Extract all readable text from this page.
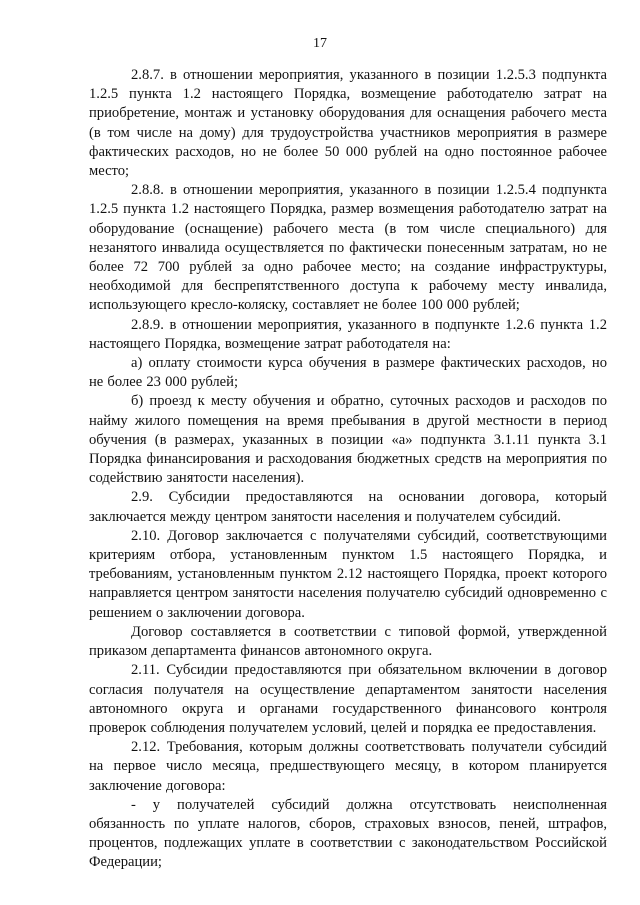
17

2.8.7. в отношении мероприятия, указанного в позиции 1.2.5.3 подпункта 1.2.5 пункта 1.2 настоящего Порядка, возмещение работодателю затрат на приобретение, монтаж и установку оборудования для оснащения рабочего места (в том числе на дому) для трудоустройства участников мероприятия в размере фактических расходов, но не более 50 000 рублей на одно постоянное рабочее место;

2.8.8. в отношении мероприятия, указанного в позиции 1.2.5.4 подпункта 1.2.5 пункта 1.2 настоящего Порядка, размер возмещения работодателю затрат на оборудование (оснащение) рабочего места (в том числе специального) для незанятого инвалида осуществляется по фактически понесенным затратам, но не более 72 700 рублей за одно рабочее место; на создание инфраструктуры, необходимой для беспрепятственного доступа к рабочему месту инвалида, использующего кресло-коляску, составляет не более 100 000 рублей;

2.8.9. в отношении мероприятия, указанного в подпункте 1.2.6 пункта 1.2 настоящего Порядка, возмещение затрат работодателя на:

а) оплату стоимости курса обучения в размере фактических расходов, но не более 23 000 рублей;

б) проезд к месту обучения и обратно, суточных расходов и расходов по найму жилого помещения на время пребывания в другой местности в период обучения (в размерах, указанных в позиции «а» подпункта 3.1.11 пункта 3.1 Порядка финансирования и расходования бюджетных средств на мероприятия по содействию занятости населения).

2.9. Субсидии предоставляются на основании договора, который заключается между центром занятости населения и получателем субсидий.

2.10. Договор заключается с получателями субсидий, соответствующими критериям отбора, установленным пунктом 1.5 настоящего Порядка, и требованиям, установленным пунктом 2.12 настоящего Порядка, проект которого направляется центром занятости населения получателю субсидий одновременно с решением о заключении договора.

Договор составляется в соответствии с типовой формой, утвержденной приказом департамента финансов автономного округа.

2.11. Субсидии предоставляются при обязательном включении в договор согласия получателя на осуществление департаментом занятости населения автономного округа и органами государственного финансового контроля проверок соблюдения получателем условий, целей и порядка ее предоставления.

2.12. Требования, которым должны соответствовать получатели субсидий на первое число месяца, предшествующего месяцу, в котором планируется заключение договора:

- у получателей субсидий должна отсутствовать неисполненная обязанность по уплате налогов, сборов, страховых взносов, пеней, штрафов, процентов, подлежащих уплате в соответствии с законодательством Российской Федерации;
